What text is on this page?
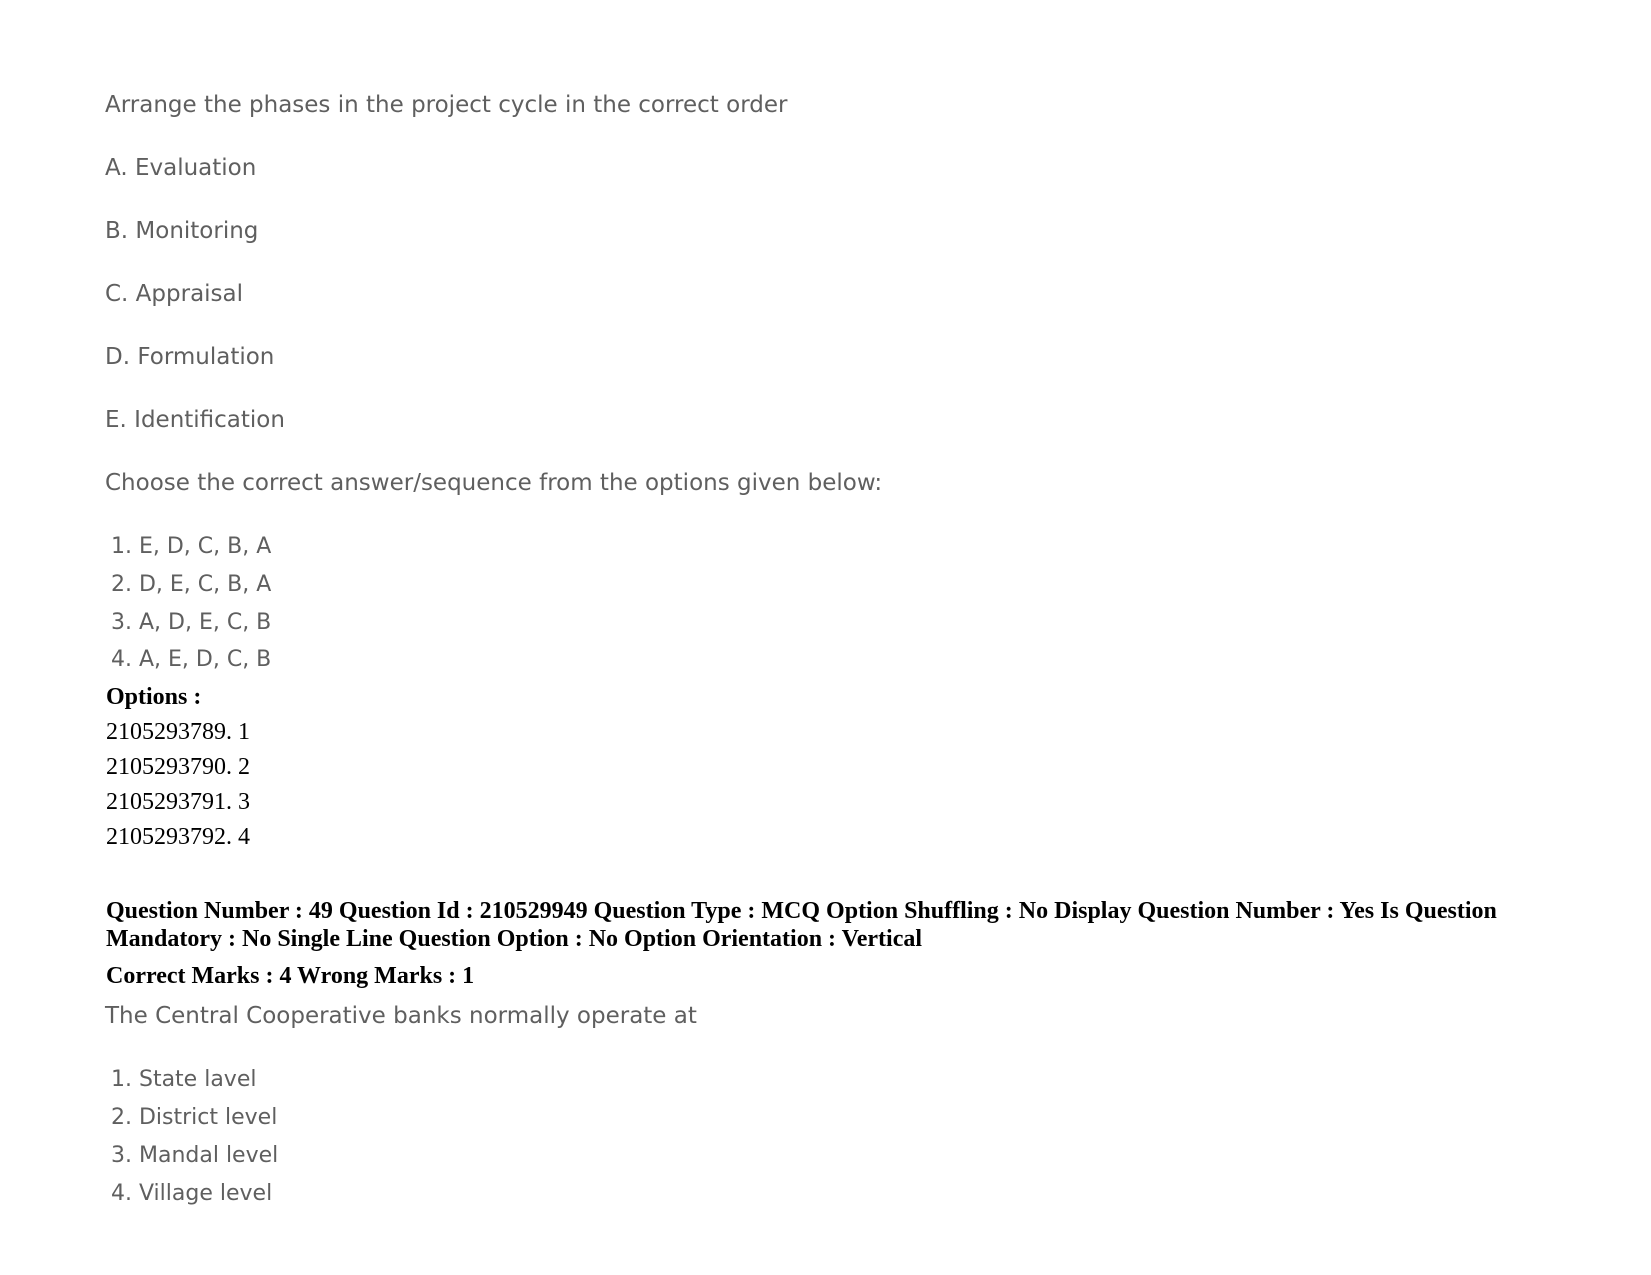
Arrange the phases in the project cycle in the correct order
A. Evaluation
B. Monitoring
C. Appraisal
D. Formulation
E. Identification
Choose the correct answer/sequence from the options given below:
1. E, D, C, B, A
2. D, E, C, B, A
3. A, D, E, C, B
4. A, E, D, C, B
Options :
2105293789. 1
2105293790. 2
2105293791. 3
2105293792. 4
Question Number : 49 Question Id : 210529949 Question Type : MCQ Option Shuffling : No Display Question Number : Yes Is Question Mandatory : No Single Line Question Option : No Option Orientation : Vertical
Correct Marks : 4 Wrong Marks : 1
The Central Cooperative banks normally operate at
1. State lavel
2. District level
3. Mandal level
4. Village level
